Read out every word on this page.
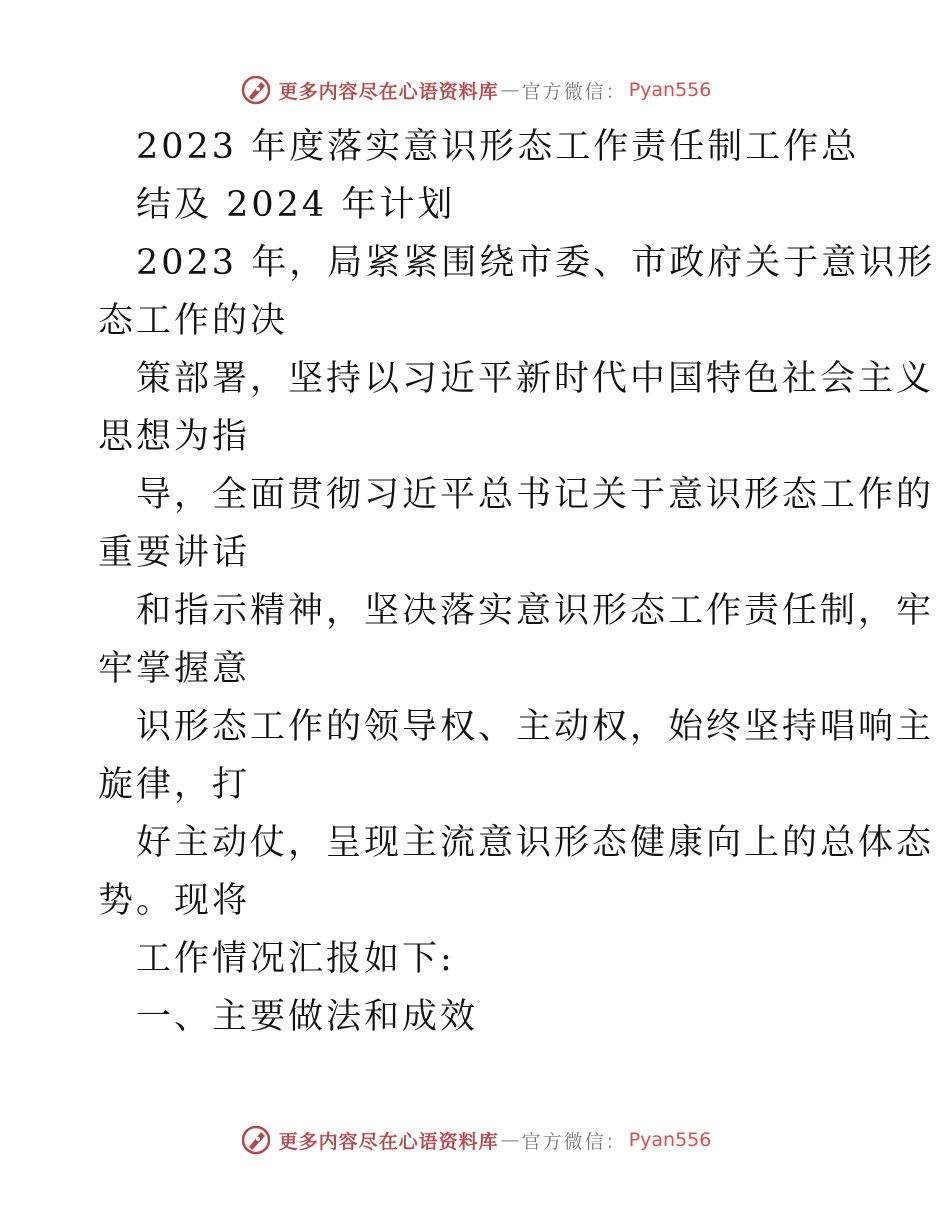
更多内容尽在心语资料库 — 官方微信 ： Pyan556
2023 年度落实意识形态工作责任制工作总
结及 2024 年计划
2023 年，局紧紧围绕市委、市政府关于意识形
态工作的决
策部署，坚持以习近平新时代中国特色社会主义
思想为指
导，全面贯彻习近平总书记关于意识形态工作的
重要讲话
和指示精神，坚决落实意识形态工作责任制，牢
牢掌握意
识形态工作的领导权、主动权，始终坚持唱响主
旋律，打
好主动仗，呈现主流意识形态健康向上的总体态
势。现将
工作情况汇报如下:
一、主要做法和成效
更多内容尽在心语资料库 — 官方微信 ： Pyan556
